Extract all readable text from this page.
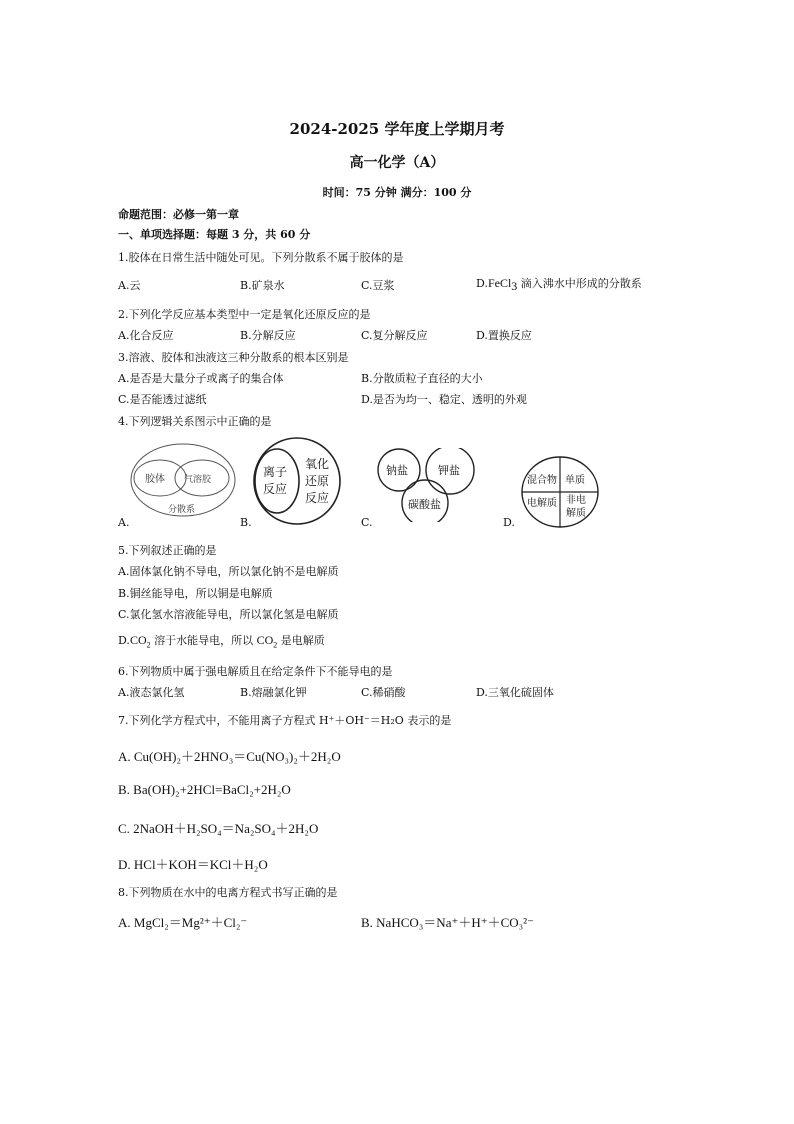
2024-2025 学年度上学期月考
高一化学（A）
时间：75 分钟 满分：100 分
命题范围：必修一第一章
一、单项选择题：每题 3 分，共 60 分
1.胶体在日常生活中随处可见。下列分散系不属于胶体的是
A.云	B.矿泉水	C.豆浆	D.FeCl$_3$ 滴入沸水中形成的分散系
2.下列化学反应基本类型中一定是氧化还原反应的是
A.化合反应	B.分解反应	C.复分解反应	D.置换反应
3.溶液、胶体和浊液这三种分散系的根本区别是
A.是否是大量分子或离子的集合体	B.分散质粒子直径的大小
C.是否能透过滤纸	D.是否为均一、稳定、透明的外观
4.下列逻辑关系图示中正确的是
胶体 气溶胶
分散系
A.
离子
反应
氧化
还原
反应
B.
钠盐	钾盐
碳酸盐
C.
混合物 单质
电解质 非电
解质
D.
5.下列叙述正确的是
A.固体氯化钠不导电，所以氯化钠不是电解质
B.铜丝能导电，所以铜是电解质
C.氯化氢水溶液能导电，所以氯化氢是电解质
$D.CO_2$ 溶于水能导电，所以 $CO_2$ 是电解质
6.下列物质中属于强电解质且在给定条件下不能导电的是
A.液态氯化氢	B.熔融氯化钾	C.稀硝酸	D.三氧化硫固体
7.下列化学方程式中，不能用离子方程式 H⁺＋OH⁻＝H₂O 表示的是
A. Cu(OH)₂＋2HNO₃＝Cu(NO₃)₂＋2H₂O
B. Ba(OH)₂+2HCl=BaCl₂+2H₂O
C. 2NaOH＋H₂SO₄＝Na₂SO₄＋2H₂O
D. HCl＋KOH＝KCl＋H₂O
8.下列物质在水中的电离方程式书写正确的是
A. MgCl₂＝Mg²⁺＋Cl₂⁻	B. NaHCO₃＝Na⁺＋H⁺＋CO₃²⁻
